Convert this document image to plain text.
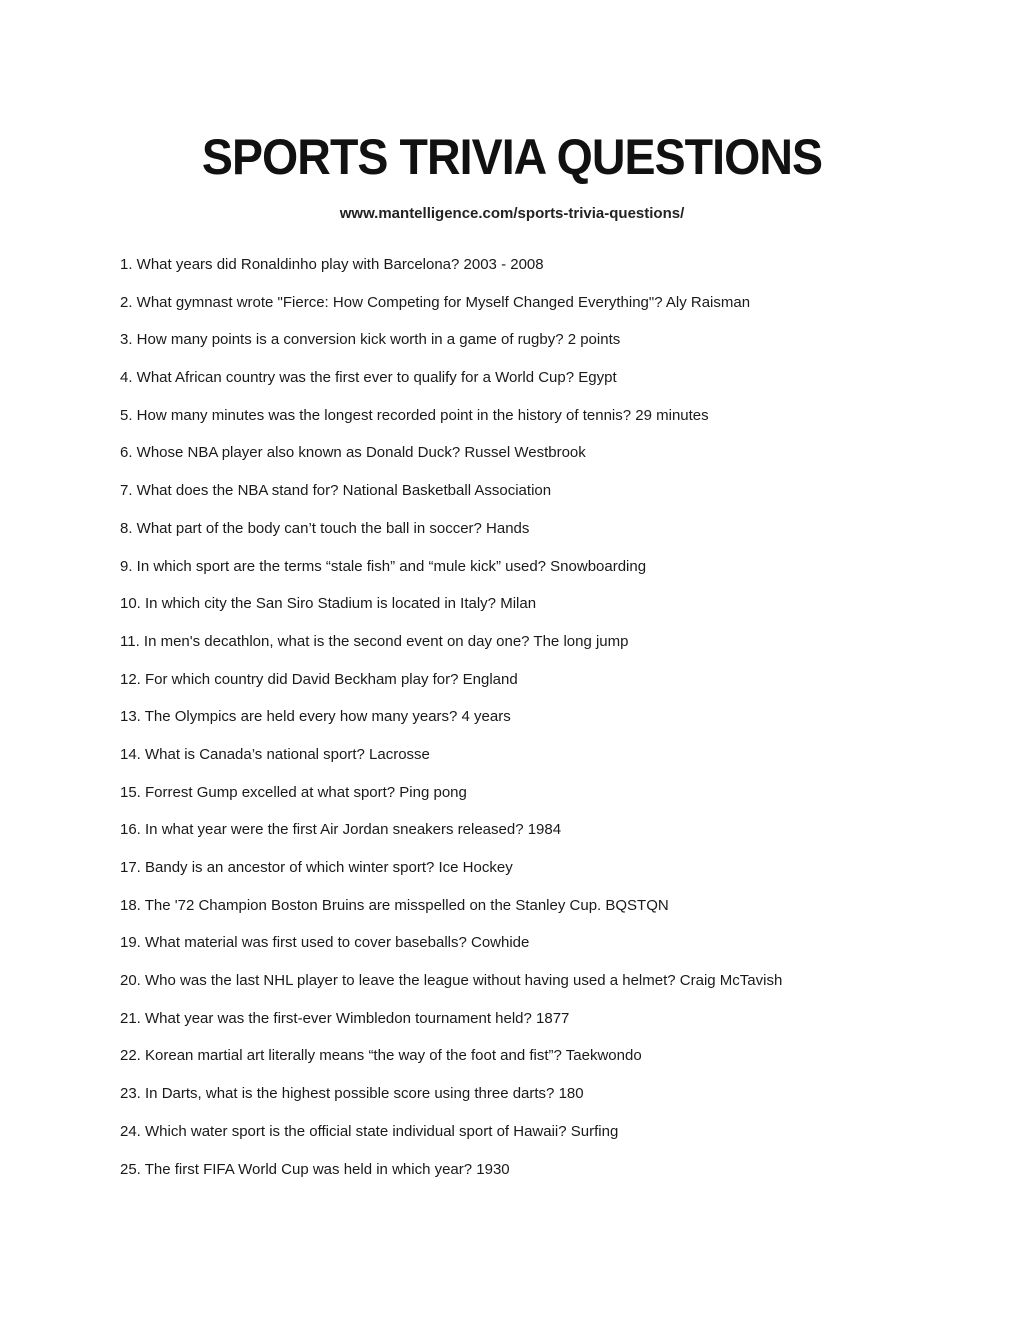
SPORTS TRIVIA QUESTIONS
www.mantelligence.com/sports-trivia-questions/
1. What years did Ronaldinho play with Barcelona? 2003 - 2008
2. What gymnast wrote "Fierce: How Competing for Myself Changed Everything"? Aly Raisman
3. How many points is a conversion kick worth in a game of rugby? 2 points
4. What African country was the first ever to qualify for a World Cup? Egypt
5. How many minutes was the longest recorded point in the history of tennis? 29 minutes
6. Whose NBA player also known as Donald Duck? Russel Westbrook
7. What does the NBA stand for? National Basketball Association
8. What part of the body can’t touch the ball in soccer? Hands
9. In which sport are the terms “stale fish” and “mule kick” used? Snowboarding
10. In which city the San Siro Stadium is located in Italy? Milan
11. In men's decathlon, what is the second event on day one? The long jump
12. For which country did David Beckham play for? England
13. The Olympics are held every how many years? 4 years
14. What is Canada’s national sport? Lacrosse
15. Forrest Gump excelled at what sport? Ping pong
16. In what year were the first Air Jordan sneakers released? 1984
17. Bandy is an ancestor of which winter sport? Ice Hockey
18. The '72 Champion Boston Bruins are misspelled on the Stanley Cup. BQSTQN
19. What material was first used to cover baseballs? Cowhide
20. Who was the last NHL player to leave the league without having used a helmet? Craig McTavish
21. What year was the first-ever Wimbledon tournament held? 1877
22. Korean martial art literally means “the way of the foot and fist”? Taekwondo
23. In Darts, what is the highest possible score using three darts? 180
24. Which water sport is the official state individual sport of Hawaii? Surfing
25. The first FIFA World Cup was held in which year? 1930
